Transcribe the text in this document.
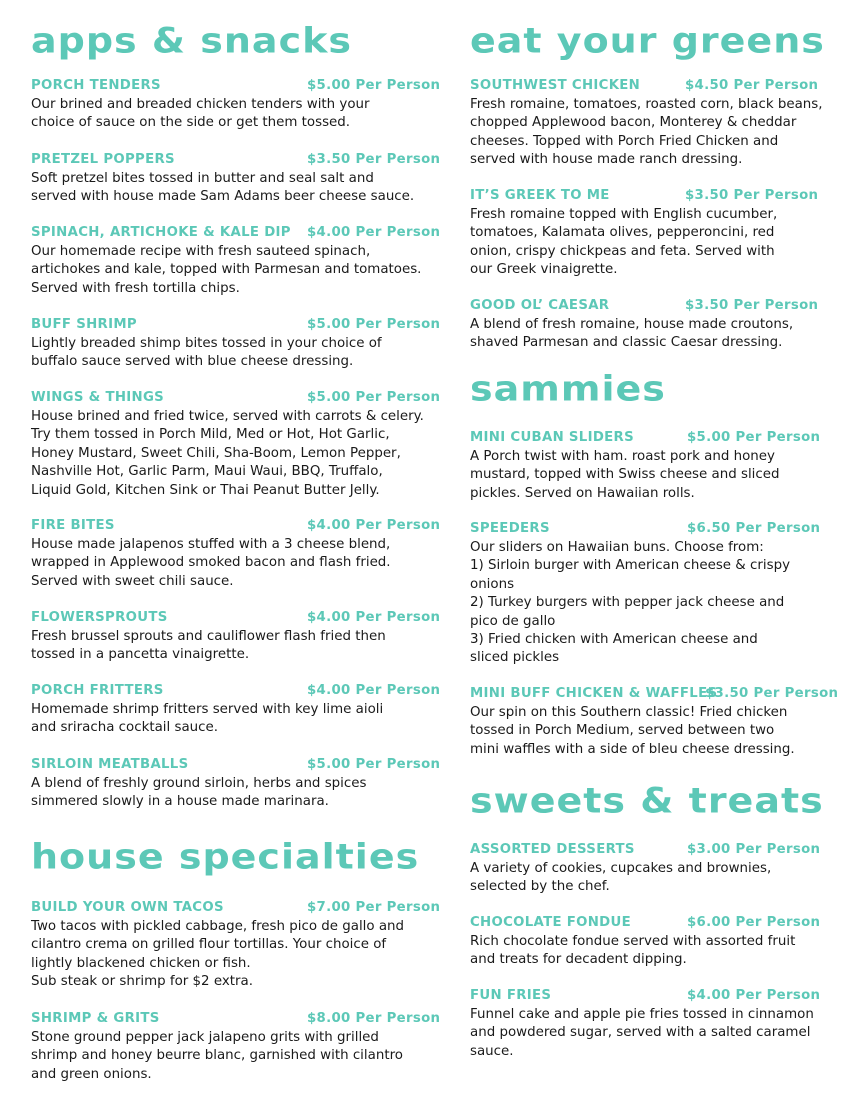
apps & snacks
PORCH TENDERS	$5.00 Per Person

Our brined and breaded chicken tenders with your
choice of sauce on the side or get them tossed.

PRETZEL POPPERS	$3.50 Per Person

Soft pretzel bites tossed in butter and seal salt and
served with house made Sam Adams beer cheese sauce.

SPINACH, ARTICHOKE & KALE DIP $4.00 Per Person

Our homemade recipe with fresh sauteed spinach,
artichokes and kale, topped with Parmesan and tomatoes.
Served with fresh tortilla chips.

BUFF SHRIMP	$5.00 Per Person

Lightly breaded shimp bites tossed in your choice of
buffalo sauce served with blue cheese dressing.

WINGS & THINGS	$5.00 Per Person

House brined and fried twice, served with carrots & celery.
Try them tossed in Porch Mild, Med or Hot, Hot Garlic,
Honey Mustard, Sweet Chili, Sha-Boom, Lemon Pepper,
Nashville Hot, Garlic Parm, Maui Waui, BBQ, Truffalo,
Liquid Gold, Kitchen Sink or Thai Peanut Butter Jelly.

FIRE BITES	$4.00 Per Person

House made jalapenos stuffed with a 3 cheese blend,
wrapped in Applewood smoked bacon and flash fried.
Served with sweet chili sauce.

FLOWERSPROUTS	$4.00 Per Person

Fresh brussel sprouts and cauliflower flash fried then
tossed in a pancetta vinaigrette.

PORCH FRITTERS	$4.00 Per Person

Homemade shrimp fritters served with key lime aioli
and sriracha cocktail sauce.

SIRLOIN MEATBALLS	$5.00 Per Person

A blend of freshly ground sirloin, herbs and spices
simmered slowly in a house made marinara.

house specialties
BUILD YOUR OWN TACOS	$7.00 Per Person

Two tacos with pickled cabbage, fresh pico de gallo and
cilantro crema on grilled flour tortillas. Your choice of
lightly blackened chicken or fish.
Sub steak or shrimp for $2 extra.

SHRIMP & GRITS	$8.00 Per Person

Stone ground pepper jack jalapeno grits with grilled
shrimp and honey beurre blanc, garnished with cilantro
and green onions.

eat your greens
SOUTHWEST CHICKEN	$4.50 Per Person

Fresh romaine, tomatoes, roasted corn, black beans,
chopped Applewood bacon, Monterey & cheddar
cheeses. Topped with Porch Fried Chicken and
served with house made ranch dressing.

IT’S GREEK TO ME	$3.50 Per Person

Fresh romaine topped with English cucumber,
tomatoes, Kalamata olives, pepperoncini, red
onion, crispy chickpeas and feta. Served with
our Greek vinaigrette.

GOOD OL’ CAESAR	$3.50 Per Person

A blend of fresh romaine, house made croutons,
shaved Parmesan and classic Caesar dressing.

sammies
MINI CUBAN SLIDERS	$5.00 Per Person

A Porch twist with ham. roast pork and honey
mustard, topped with Swiss cheese and sliced
pickles. Served on Hawaiian rolls.

SPEEDERS	$6.50 Per Person

Our sliders on Hawaiian buns. Choose from:
1) Sirloin burger with American cheese & crispy
onions
2) Turkey burgers with pepper jack cheese and
pico de gallo
3) Fried chicken with American cheese and
sliced pickles

MINI BUFF CHICKEN & WAFFLES
$3.50 Per Person

Our spin on this Southern classic! Fried chicken
tossed in Porch Medium, served between two
mini waffles with a side of bleu cheese dressing.

sweets & treats
ASSORTED DESSERTS	$3.00 Per Person

A variety of cookies, cupcakes and brownies,
selected by the chef.

CHOCOLATE FONDUE	$6.00 Per Person

Rich chocolate fondue served with assorted fruit
and treats for decadent dipping.

FUN FRIES	$4.00 Per Person

Funnel cake and apple pie fries tossed in cinnamon
and powdered sugar, served with a salted caramel
sauce.
